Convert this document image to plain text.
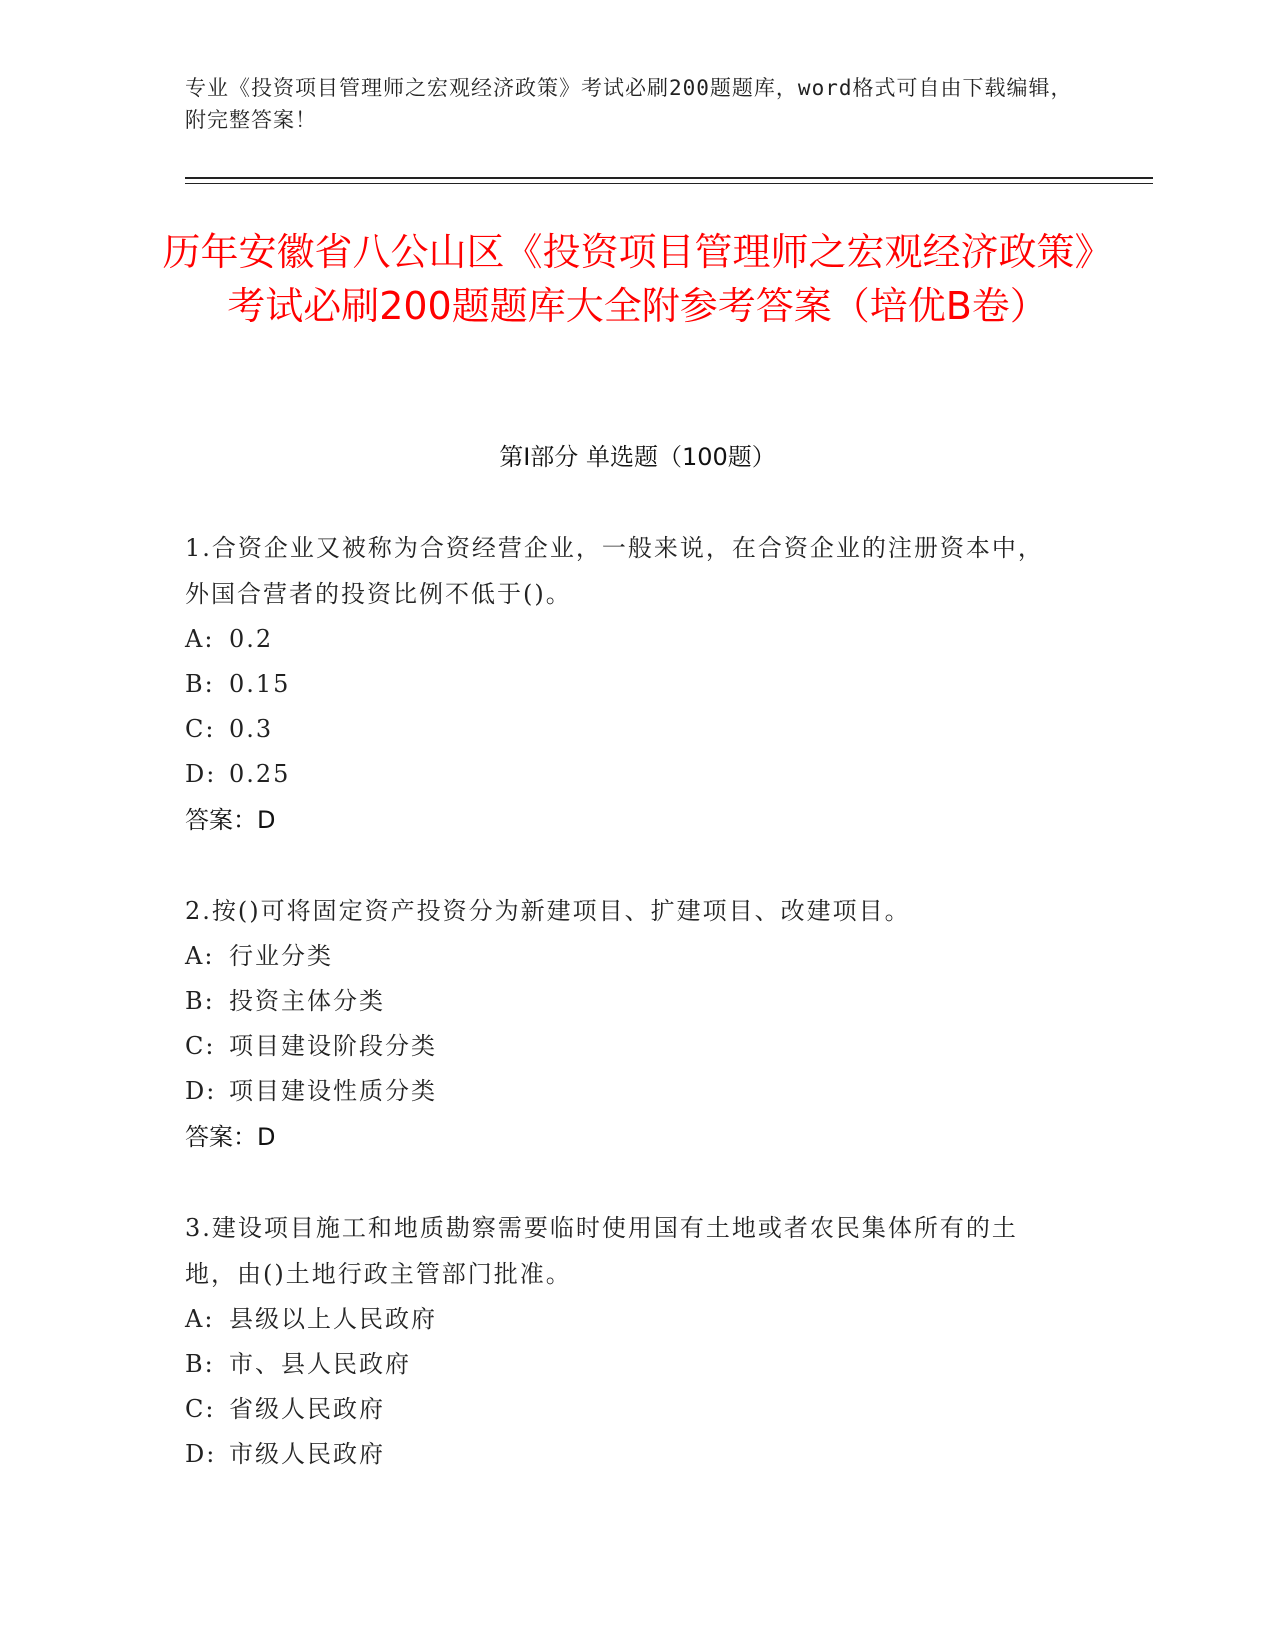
专业《投资项目管理师之宏观经济政策》考试必刷200题题库，word格式可自由下载编辑，附完整答案！
历年安徽省八公山区《投资项目管理师之宏观经济政策》考试必刷200题题库大全附参考答案（培优B卷）
第Ⅰ部分 单选题（100题）
1.合资企业又被称为合资经营企业，一般来说，在合资企业的注册资本中，外国合营者的投资比例不低于()。
A: 0.2
B: 0.15
C: 0.3
D: 0.25
答案：D
2.按()可将固定资产投资分为新建项目、扩建项目、改建项目。
A: 行业分类
B: 投资主体分类
C: 项目建设阶段分类
D: 项目建设性质分类
答案：D
3.建设项目施工和地质勘察需要临时使用国有土地或者农民集体所有的土地，由()土地行政主管部门批准。
A: 县级以上人民政府
B: 市、县人民政府
C: 省级人民政府
D: 市级人民政府
